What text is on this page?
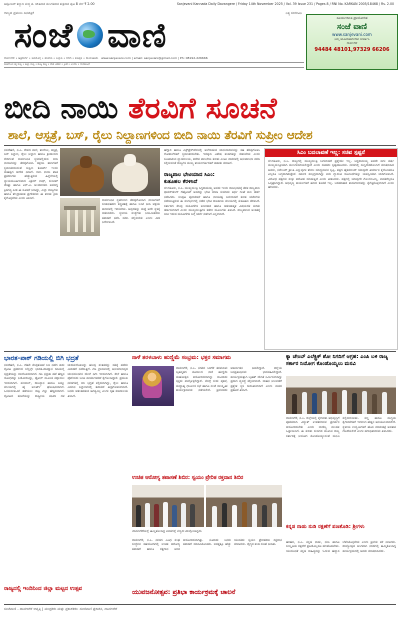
ಅಕ್ಟೋಬರ್ ಕಲ್ಯಾಣ ಶುದ್ಧ ಪ. ಚೌತಿವಾರ ಮಂಗಳವಾರ ಶುಕ್ರವಾರ ಪುಟ 8 ಬೆಲೆ ₹ 2.00	Sanjevani Kannada Daily Davangere / Friday 14th November 2025 / Vol. 39 Issue 231 / Pages 8 / RNI No. KARKAN 2005/18468 / Rs. 2.00
ರಾಜ್ಯದ ಪ್ರಮುಖ ದಿನಪತ್ರಿಕೆ	ನಿತ್ಯ ಸಂಜೀವಿನಿ
ಸಂಜೆ ವಾಣಿ
ದಾವಣಗೆರೆ • ಚಿತ್ರದುರ್ಗ • ಶಿವಮೊಗ್ಗ • ಹಾವೇರಿ • ಬಳ್ಳಾರಿ • ಗದಗ • ಕೊಪ್ಪಳ • ರಾಯಚೂರು www.sanjevani.com | email: sanjevani@gmail.com | Ph: 08192-226666
ಸೂರ್ಯಕಾಂತಿ ಪ್ರಾಯೋಜಿತ
ಸಂಜೆ ವಾಣಿ
www.sanjevani.com
ನಿಮ್ಮ ಜಾಹೀರಾತುಗಳಿಗಾಗಿ ಸಂಪರ್ಕಿಸಿ
ದಾವಣಗೆರೆ
94484 48101,97329 66206
ಸಂಜೆವಾಣಿ ನಿತ್ಯ ಸುದ್ದಿ • ಜಿಲ್ಲಾ ಸುದ್ದಿ • ರಾಜ್ಯ ಸುದ್ದಿ • ದೇಶ ವಿದೇಶ • ಕ್ರೀಡೆ • ಸಿನಿಮಾ • ಮನರಂಜನೆ
ಬೀದಿ ನಾಯಿ ತೆರವಿಗೆ ಸೂಚನೆ
ಶಾಲೆ, ಆಸ್ಪತ್ರೆ, ಬಸ್, ರೈಲು ನಿಲ್ದಾಣಗಳಿಂದ ಬೀದಿ ನಾಯಿ ತೆರವಿಗೆ ಸುಪ್ರೀಂ ಆದೇಶ
ನವದೆಹಲಿ, ನ.೭- ದೇಶದ ಶಾಲೆ, ಕಾಲೇಜು, ಆಸ್ಪತ್ರೆ, ಬಸ್ ನಿಲ್ದಾಣ, ರೈಲು ನಿಲ್ದಾಣ ಹಾಗೂ ಕ್ರೀಡಾಂಗಣ ಸೇರಿದಂತೆ ಸಾರ್ವಜನಿಕ ಸ್ಥಳಗಳಲ್ಲಿರುವ ಬೀದಿ ನಾಯಿಗಳನ್ನು ತೆರವುಗೊಳಿಸಿ ಆಶ್ರಯ ತಾಣಗಳಿಗೆ ಸ್ಥಳಾಂತರಿಸುವಂತೆ ಸುಪ್ರೀಂ ಕೋರ್ಟ್ ಇಂದು ಮಹತ್ವದ ಆದೇಶ ನೀಡಿದೆ. ಬೀದಿ ನಾಯಿ ಕಡಿತ ಪ್ರಕರಣಗಳು ಹೆಚ್ಚುತ್ತಿರುವ ಹಿನ್ನೆಲೆಯಲ್ಲಿ ನ್ಯಾಯಮೂರ್ತಿಗಳಾದ ವಿಕ್ರಮ್ ನಾಥ್, ಸಂದೀಪ್ ಮೆಹ್ತಾ ಹಾಗೂ ಎನ್.ವಿ. ಅಂಜಾರಿಯಾ ಅವರಿದ್ದ ತ್ರಿಸದಸ್ಯ ಪೀಠ ಈ ಸೂಚನೆ ನೀಡಿದ್ದು, ಎಲ್ಲಾ ರಾಜ್ಯಗಳು ಹಾಗೂ ಕೇಂದ್ರಾಡಳಿತ ಪ್ರದೇಶಗಳು ಈ ಕುರಿತು ಕ್ರಮ ಕೈಗೊಳ್ಳಬೇಕು ಎಂದು ತಿಳಿಸಿದೆ.	ಸಾರ್ವಜನಿಕ ಸ್ಥಳಗಳಿಂದ ತೆರವುಗೊಳಿಸಿದ ನಾಯಿಗಳಿಗೆ ಸಂತಾನಹರಣ ಶಸ್ತ್ರಚಿಕಿತ್ಸೆ ಹಾಗೂ ಲಸಿಕೆ ನೀಡಿ ಆಶ್ರಯ ತಾಣಗಳಲ್ಲಿ ಇರಿಸಬೇಕು. ಅವುಗಳನ್ನು ಮತ್ತೆ ಅದೇ ಸ್ಥಳಕ್ಕೆ ಬಿಡಬಾರದು. ಸ್ಥಳೀಯ ಸಂಸ್ಥೆಗಳು ನಿಯಮಿತವಾಗಿ ತಪಾಸಣೆ ನಡೆಸಿ ವರದಿ ಸಲ್ಲಿಸಬೇಕು ಎಂದು ಪೀಠ ನಿರ್ದೇಶಿಸಿದೆ.
ಹೆದ್ದಾರಿ ಹಾಗೂ ಎಕ್ಸ್‌ಪ್ರೆಸ್‌ವೇಗಳಲ್ಲಿ ಅಲೆದಾಡುವ ಜಾನುವಾರುಗಳನ್ನು ಸಹ ತೆರವುಗೊಳಿಸಿ ಗೋಶಾಲೆಗಳಿಗೆ ಸ್ಥಳಾಂತರಿಸಬೇಕು. ಇದಕ್ಕಾಗಿ ವಿಶೇಷ ತಂಡಗಳನ್ನು ರಚಿಸಬೇಕು ಎಂದು ಸೂಚಿಸಿರುವ ನ್ಯಾಯಾಲಯ, ಆದೇಶ ಪಾಲನೆಯ ಕುರಿತು ಎಂಟು ವಾರಗಳಲ್ಲಿ ಅನುಪಾಲನಾ ವರದಿ ಸಲ್ಲಿಸುವಂತೆ ರಾಜ್ಯಗಳ ಮುಖ್ಯ ಕಾರ್ಯದರ್ಶಿಗಳಿಗೆ ತಾಕೀತು ಮಾಡಿದೆ.
ರಾಜ್ಯಪಾಲ ಭೇಟಿಯಾದ ಸಿಎಂ:
ಕುತೂಹಲ ಕೆರಳಿಸಿದೆ
ಬೆಂಗಳೂರು, ನ.೭- ಮುಖ್ಯಮಂತ್ರಿ ಸಿದ್ದರಾಮಯ್ಯ ಅವರು ಇಂದು ರಾಜಭವನಕ್ಕೆ ತೆರಳಿ ರಾಜ್ಯಪಾಲ ಥಾವರ್‌ಚಂದ್ ಗೆಹ್ಲೋಟ್ ಅವರನ್ನು ಭೇಟಿ ಮಾಡಿ ಸುಮಾರು ಅರ್ಧ ಗಂಟೆ ಕಾಲ ಚರ್ಚೆ ನಡೆಸಿದರು. ಸಂಪುಟ ಪುನಾರಚನೆ ಹಾಗೂ ನಾಯಕತ್ವ ಬದಲಾವಣೆ ಕುರಿತ ಚರ್ಚೆಗಳು ನಡೆಯುತ್ತಿರುವ ಈ ಸಂದರ್ಭದಲ್ಲಿ ನಡೆದ ಭೇಟಿ ರಾಜಕೀಯ ವಲಯದಲ್ಲಿ ಕುತೂಹಲ ಕೆರಳಿಸಿದೆ. ಸರ್ಕಾರದ ಕೆಲವು ಮಸೂದೆಗಳ ಅಂಗೀಕಾರ ಹಾಗೂ ಆಡಳಿತಾತ್ಮಕ ವಿಷಯಗಳ ಕುರಿತು ಚರ್ಚಿಸಲಾಗಿದೆ ಎಂದು ಮುಖ್ಯಮಂತ್ರಿಗಳ ಕಚೇರಿ ಮೂಲಗಳು ತಿಳಿಸಿವೆ. ರಾಜ್ಯಪಾಲರ ಅಂಕಿತಕ್ಕೆ ಬಾಕಿ ಇರುವ ಮಸೂದೆಗಳ ಬಗ್ಗೆ ಚರ್ಚೆ ನಡೆದಿದೆ ಎನ್ನಲಾಗಿದೆ.
ಸಿಎಂ ಬದಲಾವಣೆ ಇಲ್ಲ: ಸಚಿವ ಸ್ಪಷ್ಟನೆ
ಬೆಂಗಳೂರು, ನ.೭- ರಾಜ್ಯದಲ್ಲಿ ಮುಖ್ಯಮಂತ್ರಿ ಬದಲಾವಣೆ ಪ್ರಶ್ನೆಯೇ ಇಲ್ಲ. ಸಿದ್ದರಾಮಯ್ಯ ಅವರೇ ಐದು ವರ್ಷ ಮುಖ್ಯಮಂತ್ರಿಯಾಗಿ ಮುಂದುವರಿಯಲಿದ್ದಾರೆ ಎಂದು ಸಚಿವರು ಸ್ಪಷ್ಟಪಡಿಸಿದರು. ನಗರದಲ್ಲಿ ಸುದ್ದಿಗಾರರೊಂದಿಗೆ ಮಾತನಾಡಿದ ಅವರು, ನವೆಂಬರ್ ಕ್ರಾಂತಿ ಎನ್ನುವುದು ಕೇವಲ ಮಾಧ್ಯಮಗಳ ಸೃಷ್ಟಿ. ಪಕ್ಷದ ಹೈಕಮಾಂಡ್ ಯಾವುದೇ ತೀರ್ಮಾನ ಕೈಗೊಂಡರೂ ಎಲ್ಲರೂ ಬದ್ಧರಾಗಿರುತ್ತೇವೆ. ಸರ್ಕಾರ ಸುಭದ್ರವಾಗಿದ್ದು ಐದು ಗ್ಯಾರಂಟಿ ಯೋಜನೆಗಳನ್ನು ಯಶಸ್ವಿಯಾಗಿ ಜಾರಿಗೊಳಿಸಿದೆ. ವಿರೋಧ ಪಕ್ಷಗಳು ಸುಳ್ಳು ಆರೋಪ ಮಾಡುತ್ತಿವೆ ಎಂದು ಟೀಕಿಸಿದರು. ಪಕ್ಷದಲ್ಲಿ ಯಾವುದೇ ಗೊಂದಲವಿಲ್ಲ, ಶಾಸಕರೆಲ್ಲರೂ ಒಗ್ಗಟ್ಟಾಗಿದ್ದಾರೆ. ಅಭಿವೃದ್ಧಿ ಕಾರ್ಯಗಳಿಗೆ ಹಣದ ಕೊರತೆ ಇಲ್ಲ. ಬರಪರಿಹಾರ ಕಾಮಗಾರಿಗಳನ್ನು ಕೈಗೆತ್ತಿಕೊಳ್ಳಲಾಗಿದೆ ಎಂದು ಹೇಳಿದರು.
ಭಾರತ-ಪಾಕ್ ಗಡಿಯಲ್ಲಿ ಬಿಗಿ ಭದ್ರತೆ
ನವದೆಹಲಿ, ನ.೭- ದೆಹಲಿ ಕೆಂಪುಕೋಟೆ ಬಳಿ ನಡೆದ ಕಾರು ಸ್ಫೋಟ ಪ್ರಕರಣದ ಬೆನ್ನಲ್ಲೇ ಭಾರತ-ಪಾಕಿಸ್ತಾನ ಗಡಿಯಲ್ಲಿ ಭದ್ರತೆಯನ್ನು ಬಿಗಿಗೊಳಿಸಲಾಗಿದೆ. ಗಡಿ ಭದ್ರತಾ ಪಡೆ ಹೆಚ್ಚಿನ ಯೋಧರನ್ನು ನಿಯೋಜಿಸಿದ್ದು, ಡ್ರೋನ್ ಮೂಲಕ ಕಣ್ಗಾವಲು ಇರಿಸಲಾಗಿದೆ. ಪಂಜಾಬ್, ರಾಜಸ್ಥಾನ ಹಾಗೂ ಜಮ್ಮು ವಲಯದಲ್ಲಿ ಹೈ ಅಲರ್ಟ್ ಘೋಷಿಸಲಾಗಿದೆ. ಒಳನುಸುಳುವಿಕೆ ತಡೆಯಲು ರಾತ್ರಿ ಗಸ್ತು ಹೆಚ್ಚಿಸಲಾಗಿದೆ. ಸ್ಫೋಟದ ತನಿಖೆಯನ್ನು ರಾಷ್ಟ್ರೀಯ ತನಿಖಾ ದಳ ಚುರುಕುಗೊಳಿಸಿದ್ದು ಹಲವು ಶಂಕಿತರನ್ನು ವಶಕ್ಕೆ ಪಡೆದು ವಿಚಾರಣೆ ನಡೆಸುತ್ತಿದೆ. ಗಡಿ ಗ್ರಾಮಗಳಲ್ಲಿ ಅನುಮಾನಾಸ್ಪದ ಚಲನವಲನಗಳ ಮೇಲೆ ನಿಗಾ ಇರಿಸಲಾಗಿದೆ. ಸೇನೆ ಹಾಗೂ ಪೊಲೀಸರು ಜಂಟಿ ಕಾರ್ಯಾಚರಣೆ ಕೈಗೊಂಡಿದ್ದಾರೆ. ಪ್ರಮುಖ ನಗರಗಳಲ್ಲಿ ಬಿಗಿ ಭದ್ರತೆ ಕಲ್ಪಿಸಲಾಗಿದ್ದು, ರೈಲು ಹಾಗೂ ವಿಮಾನ ನಿಲ್ದಾಣಗಳಲ್ಲಿ ತಪಾಸಣೆ ತೀವ್ರಗೊಳಿಸಲಾಗಿದೆ. ಜನರು ಆತಂಕಪಡುವ ಅಗತ್ಯವಿಲ್ಲ ಎಂದು ಗೃಹ ಸಚಿವಾಲಯ ತಿಳಿಸಿದೆ.
ರಾಜ್ಯದಲ್ಲಿ ಇಂದಿನಿಂದ ಜಿಲ್ಲಾ ಮಟ್ಟದ ಉತ್ಸವ
ನಾಳೆ ತರಳಬಾಳು ಹುಣ್ಣಿಮೆ ಸಂಭ್ರಮ: ಭಕ್ತರ ಸಮಾಗಮ
ದಾವಣಗೆರೆ, ನ.೭- ನಗರದ ಸಿರಿಗೆರೆ ತರಳಬಾಳು ಬೃಹನ್ಮಠದ ವತಿಯಿಂದ ನಾಳೆ ಹುಣ್ಣಿಮೆ ಮಹೋತ್ಸವ ಆಯೋಜಿಸಲಾಗಿದ್ದು ಸಾವಿರಾರು ಭಕ್ತರು ಪಾಲ್ಗೊಳ್ಳಲಿದ್ದಾರೆ. ಬೆಳಿಗ್ಗೆ ಗುರು ಪೂಜೆ, ಮಧ್ಯಾಹ್ನ ಧಾರ್ಮಿಕ ಸಭೆ ಹಾಗೂ ಸಂಜೆ ಸಾಂಸ್ಕೃತಿಕ ಕಾರ್ಯಕ್ರಮಗಳು ನಡೆಯಲಿವೆ. ಶ್ರೀಗಳವರು ಆಶೀರ್ವಚನ ನೀಡಲಿದ್ದಾರೆ. ಜಿಲ್ಲೆಯ ಜನಪ್ರತಿನಿಧಿಗಳು ಭಾಗವಹಿಸಲಿದ್ದಾರೆ. ಕಾರ್ಯಕ್ರಮಕ್ಕಾಗಿ ಬೃಹತ್ ವೇದಿಕೆ ನಿರ್ಮಿಸಲಾಗಿದ್ದು ಪ್ರಸಾದ ವ್ಯವಸ್ಥೆ ಕಲ್ಪಿಸಲಾಗಿದೆ. ವಾಹನ ನಿಲುಗಡೆಗೆ ಪ್ರತ್ಯೇಕ ಸ್ಥಳ ಗುರುತಿಸಲಾಗಿದೆ ಎಂದು ಮಠದ ಪ್ರಕಟಣೆ ತಿಳಿಸಿದೆ.
ಕ್ಯಾ ಚೇಂಬ್ ಎಲೆಕ್ಟ್ರಿಕ್ ಶೋ ನಿಗದಿಗೆ ಆಗ್ರಹ: ಎಂಪಿ ಬಳಿ ರಾಜ್ಯ ಸರ್ಕಾರ ನಿಯೋಗ ಕೊಂಡೊಯ್ಯಲು ಮನವಿ
ದಾವಣಗೆರೆ, ನ.೭- ಜಿಲ್ಲೆಯಲ್ಲಿ ಕೈಗಾರಿಕಾ ಅಭಿವೃದ್ಧಿಗೆ ಪೂರಕವಾಗಿ ವಿದ್ಯುತ್ ಉಪಕರಣಗಳ ಪ್ರದರ್ಶನ ಆಯೋಜಿಸಬೇಕು ಎಂದು ವಾಣಿಜ್ಯ ಮಂಡಳಿ ಒತ್ತಾಯಿಸಿದೆ. ಈ ಕುರಿತು ಸಂಸದರ ಮೂಲಕ ರಾಜ್ಯ ಸರ್ಕಾರಕ್ಕೆ ನಿಯೋಗ ಕೊಂಡೊಯ್ಯುವಂತೆ ಮನವಿ ಸಲ್ಲಿಸಲಾಯಿತು. ಸಣ್ಣ ಹಾಗೂ ಮಧ್ಯಮ ಕೈಗಾರಿಕೆಗಳಿಗೆ ಇದರಿಂದ ಹೆಚ್ಚಿನ ಅನುಕೂಲವಾಗಲಿದೆ. ಸ್ಥಳೀಯ ಉದ್ಯಮಿಗಳಿಗೆ ಹೊಸ ಮಾರುಕಟ್ಟೆ ಅವಕಾಶ ದೊರೆಯಲಿದೆ ಎಂದು ಪದಾಧಿಕಾರಿಗಳು ತಿಳಿಸಿದರು.
ಕನ್ನಡ ನಾಡು ನುಡಿ ರಕ್ಷಣೆಗೆ ಪಣತೊಡಿ: ಶ್ರೀಗಳು
ಹರಿಹರ, ನ.೭- ಕನ್ನಡ ನಾಡು, ನುಡಿ ಹಾಗೂ ಸಂಸ್ಕೃತಿಯ ರಕ್ಷಣೆಗೆ ಪ್ರತಿಯೊಬ್ಬರೂ ಪಣತೊಡಬೇಕು. ಯುವಜನತೆ ಕನ್ನಡ ಸಾಹಿತ್ಯವನ್ನು ಓದುವ ಹವ್ಯಾಸ ಬೆಳೆಸಿಕೊಳ್ಳಬೇಕು ಎಂದು ಶ್ರೀಗಳು ಕರೆ ನೀಡಿದರು. ರಾಜ್ಯೋತ್ಸವ ಅಂಗವಾಗಿ ನಗರದಲ್ಲಿ ಹಮ್ಮಿಕೊಂಡಿದ್ದ ಕಾರ್ಯಕ್ರಮದಲ್ಲಿ ಅವರು ಮಾತನಾಡಿದರು.
ಉಚಿತ ಆರೋಗ್ಯ ತಪಾಸಣೆ ಶಿಬಿರ: ಸ್ವಯಂ ಪ್ರೇರಿತ ರಕ್ತದಾನ ಶಿಬಿರ
ದಾವಣಗೆರೆಯಲ್ಲಿ ಹಮ್ಮಿಕೊಂಡಿದ್ದ ಶಿಬಿರದಲ್ಲಿ ಗಣ್ಯರು ಪಾಲ್ಗೊಂಡಿದ್ದರು.
ದಾವಣಗೆರೆ, ನ.೭- ನಗರದ ವಿವಿಧ ಸಂಘ ಸಂಸ್ಥೆಗಳ ಸಹಯೋಗದಲ್ಲಿ ಉಚಿತ ಆರೋಗ್ಯ ತಪಾಸಣೆ ಹಾಗೂ ರಕ್ತದಾನ ಶಿಬಿರ ಆಯೋಜಿಸಲಾಗಿತ್ತು. ನೂರಾರು ಜನರು ತಪಾಸಣೆ ಮಾಡಿಸಿಕೊಂಡರು. ಐವತ್ತಕ್ಕೂ ಹೆಚ್ಚು ಯುವಕರು ಸ್ವಯಂ ಪ್ರೇರಿತರಾಗಿ ರಕ್ತದಾನ ಮಾಡಿದರು. ವೈದ್ಯರ ತಂಡ ಸಲಹೆ ನೀಡಿತು.
ಯುವಜನೋತ್ಸವ: ಪ್ರತಿಭಾ ಕಾರ್ಯಕ್ರಮಕ್ಕೆ ಚಾಲನೆ
ಸಂಜೆವಾಣಿ - ದಾವಣಗೆರೆ ಆವೃತ್ತಿ | ಮುದ್ರಕರು ಮತ್ತು ಪ್ರಕಾಶಕರು: ಸಂಜೆವಾಣಿ ಪ್ರಕಾಶನ, ದಾವಣಗೆರೆ
